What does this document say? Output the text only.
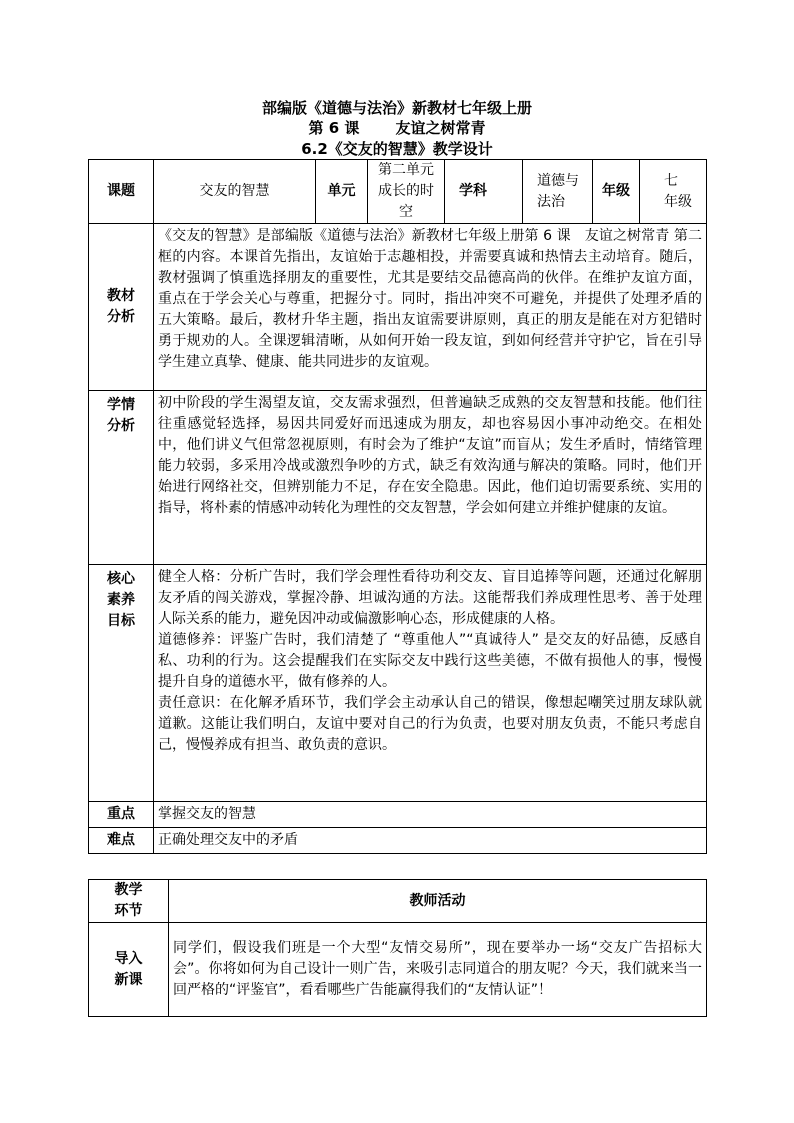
部编版《道德与法治》新教材七年级上册
第 6 课 友谊之树常青
6.2《交友的智慧》教学设计
课题	交友的智慧	单元	第二单元 成长的时空	学科	道德与法治	年级	七 年级
教材分析	《交友的智慧》是部编版《道德与法治》新教材七年级上册第 6 课　友谊之树常青 第二框的内容。本课首先指出，友谊始于志趣相投，并需要真诚和热情去主动培育。随后，教材强调了慎重选择朋友的重要性，尤其是要结交品德高尚的伙伴。在维护友谊方面，重点在于学会关心与尊重，把握分寸。同时，指出冲突不可避免，并提供了处理矛盾的五大策略。最后，教材升华主题，指出友谊需要讲原则，真正的朋友是能在对方犯错时勇于规劝的人。全课逻辑清晰，从如何开始一段友谊，到如何经营并守护它，旨在引导学生建立真挚、健康、能共同进步的友谊观。						
学情分析	初中阶段的学生渴望友谊，交友需求强烈，但普遍缺乏成熟的交友智慧和技能。他们往往重感觉轻选择，易因共同爱好而迅速成为朋友，却也容易因小事冲动绝交。在相处中，他们讲义气但常忽视原则，有时会为了维护“友谊”而盲从；发生矛盾时，情绪管理能力较弱，多采用冷战或激烈争吵的方式，缺乏有效沟通与解决的策略。同时，他们开始进行网络社交，但辨别能力不足，存在安全隐患。因此，他们迫切需要系统、实用的指导，将朴素的情感冲动转化为理性的交友智慧，学会如何建立并维护健康的友谊。						
核心素养目标	健全人格：分析广告时，我们学会理性看待功利交友、盲目追捧等问题，还通过化解朋友矛盾的闯关游戏，掌握冷静、坦诚沟通的方法。这能帮我们养成理性思考、善于处理人际关系的能力，避免因冲动或偏激影响心态，形成健康的人格。

道德修养：评鉴广告时，我们清楚了 “尊重他人”“真诚待人” 是交友的好品德，反感自私、功利的行为。这会提醒我们在实际交友中践行这些美德，不做有损他人的事，慢慢提升自身的道德水平，做有修养的人。

责任意识：在化解矛盾环节，我们学会主动承认自己的错误，像想起嘲笑过朋友球队就道歉。这能让我们明白，友谊中要对自己的行为负责，也要对朋友负责，不能只考虑自己，慢慢养成有担当、敢负责的意识。						

重点	掌握交友的智慧						
难点	正确处理交友中的矛盾						
教学环节	教师活动
导入新课	同学们，假设我们班是一个大型“友情交易所”，现在要举办一场“交友广告招标大会”。你将如何为自己设计一则广告，来吸引志同道合的朋友呢？今天，我们就来当一回严格的“评鉴官”，看看哪些广告能赢得我们的“友情认证”！
